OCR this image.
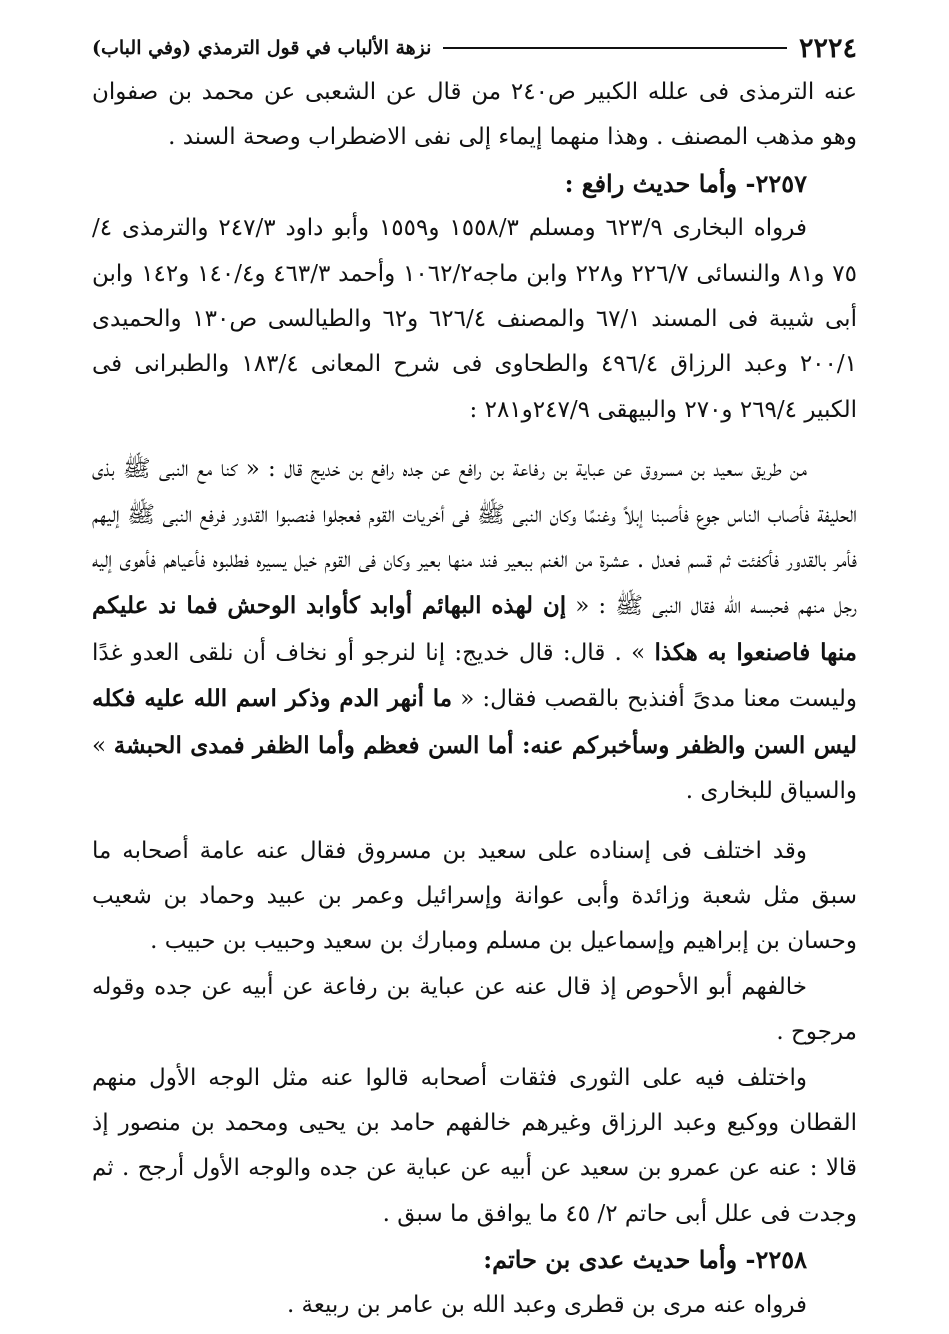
٢٢٢٤
نزهة الألباب في قول الترمذي (وفي الباب)

عنه الترمذى فى علله الكبير ص٢٤٠ من قال عن الشعبى عن محمد بن صفوان وهو مذهب المصنف . وهذا منهما إيماء إلى نفى الاضطراب وصحة السند .

٢٢٥٧- وأما حديث رافع :

فرواه البخارى ٦٢٣/٩ ومسلم ١٥٥٨/٣ و١٥٥٩ وأبو داود ٢٤٧/٣ والترمذى ٤/ ٧٥ و٨١ والنسائى ٢٢٦/٧ و٢٢٨ وابن ماجه١٠٦٢/٢ وأحمد ٤٦٣/٣ و١٤٠/٤ و١٤٢ وابن أبى شيبة فى المسند ٦٧/١ والمصنف ٦٢٦/٤ و٦٢ والطيالسى ص١٣٠ والحميدى ٢٠٠/١ وعبد الرزاق ٤٩٦/٤ والطحاوى فى شرح المعانى ١٨٣/٤ والطبرانى فى الكبير ٢٦٩/٤ و٢٧٠ والبيهقى ٢٤٧/٩و٢٨١ :

من طريق سعيد بن مسروق عن عباية بن رفاعة بن رافع عن جده رافع بن خديج قال : « كنا مع النبى ﷺ بذى الحليفة فأصاب الناس جوع فأصبنا إبلاً وغنمًا وكان النبى ﷺ فى أخريات القوم فعجلوا فنصبوا القدور فرفع النبى ﷺ إليهم فأمر بالقدور فأكفئت ثم قسم فعدل . عشرة من الغنم ببعير فند منها بعير وكان فى القوم خيل يسيره فطلبوه فأعياهم فأهوى إليه رجل منهم فحبسه الله فقال النبى ﷺ : « إن لهذه البهائم أوابد كأوابد الوحش فما ند عليكم منها فاصنعوا به هكذا » . قال: قال خديج: إنا لنرجو أو نخاف أن نلقى العدو غدًا وليست معنا مدىً أفنذبح بالقصب فقال: « ما أنهر الدم وذكر اسم الله عليه فكله ليس السن والظفر وسأخبركم عنه: أما السن فعظم وأما الظفر فمدى الحبشة » والسياق للبخارى .

وقد اختلف فى إسناده على سعيد بن مسروق فقال عنه عامة أصحابه ما سبق مثل شعبة وزائدة وأبى عوانة وإسرائيل وعمر بن عبيد وحماد بن شعيب وحسان بن إبراهيم وإسماعيل بن مسلم ومبارك بن سعيد وحبيب بن حبيب .

خالفهم أبو الأحوص إذ قال عنه عن عباية بن رفاعة عن أبيه عن جده وقوله مرجوح .

واختلف فيه على الثورى فثقات أصحابه قالوا عنه مثل الوجه الأول منهم القطان ووكيع وعبد الرزاق وغيرهم خالفهم حامد بن يحيى ومحمد بن منصور إذ قالا : عنه عن عمرو بن سعيد عن أبيه عن عباية عن جده والوجه الأول أرجح . ثم وجدت فى علل أبى حاتم ٢/ ٤٥ ما يوافق ما سبق .

٢٢٥٨- وأما حديث عدى بن حاتم:

فرواه عنه مرى بن قطرى وعبد الله بن عامر بن ربيعة .
